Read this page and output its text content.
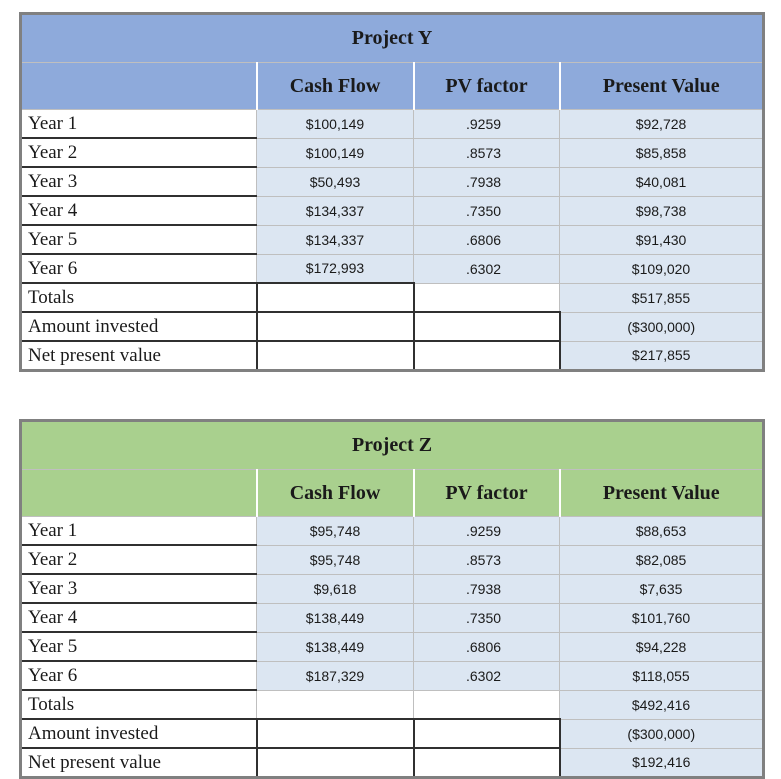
Project Y			
	Cash Flow	PV factor	Present Value
Year 1	$100,149	.9259	$92,728
Year 2	$100,149	.8573	$85,858
Year 3	$50,493	.7938	$40,081
Year 4	$134,337	.7350	$98,738
Year 5	$134,337	.6806	$91,430
Year 6	$172,993	.6302	$109,020
Totals			$517,855
Amount invested			($300,000)
Net present value			$217,855
Project Z			
	Cash Flow	PV factor	Present Value
Year 1	$95,748	.9259	$88,653
Year 2	$95,748	.8573	$82,085
Year 3	$9,618	.7938	$7,635
Year 4	$138,449	.7350	$101,760
Year 5	$138,449	.6806	$94,228
Year 6	$187,329	.6302	$118,055
Totals			$492,416
Amount invested			($300,000)
Net present value			$192,416
